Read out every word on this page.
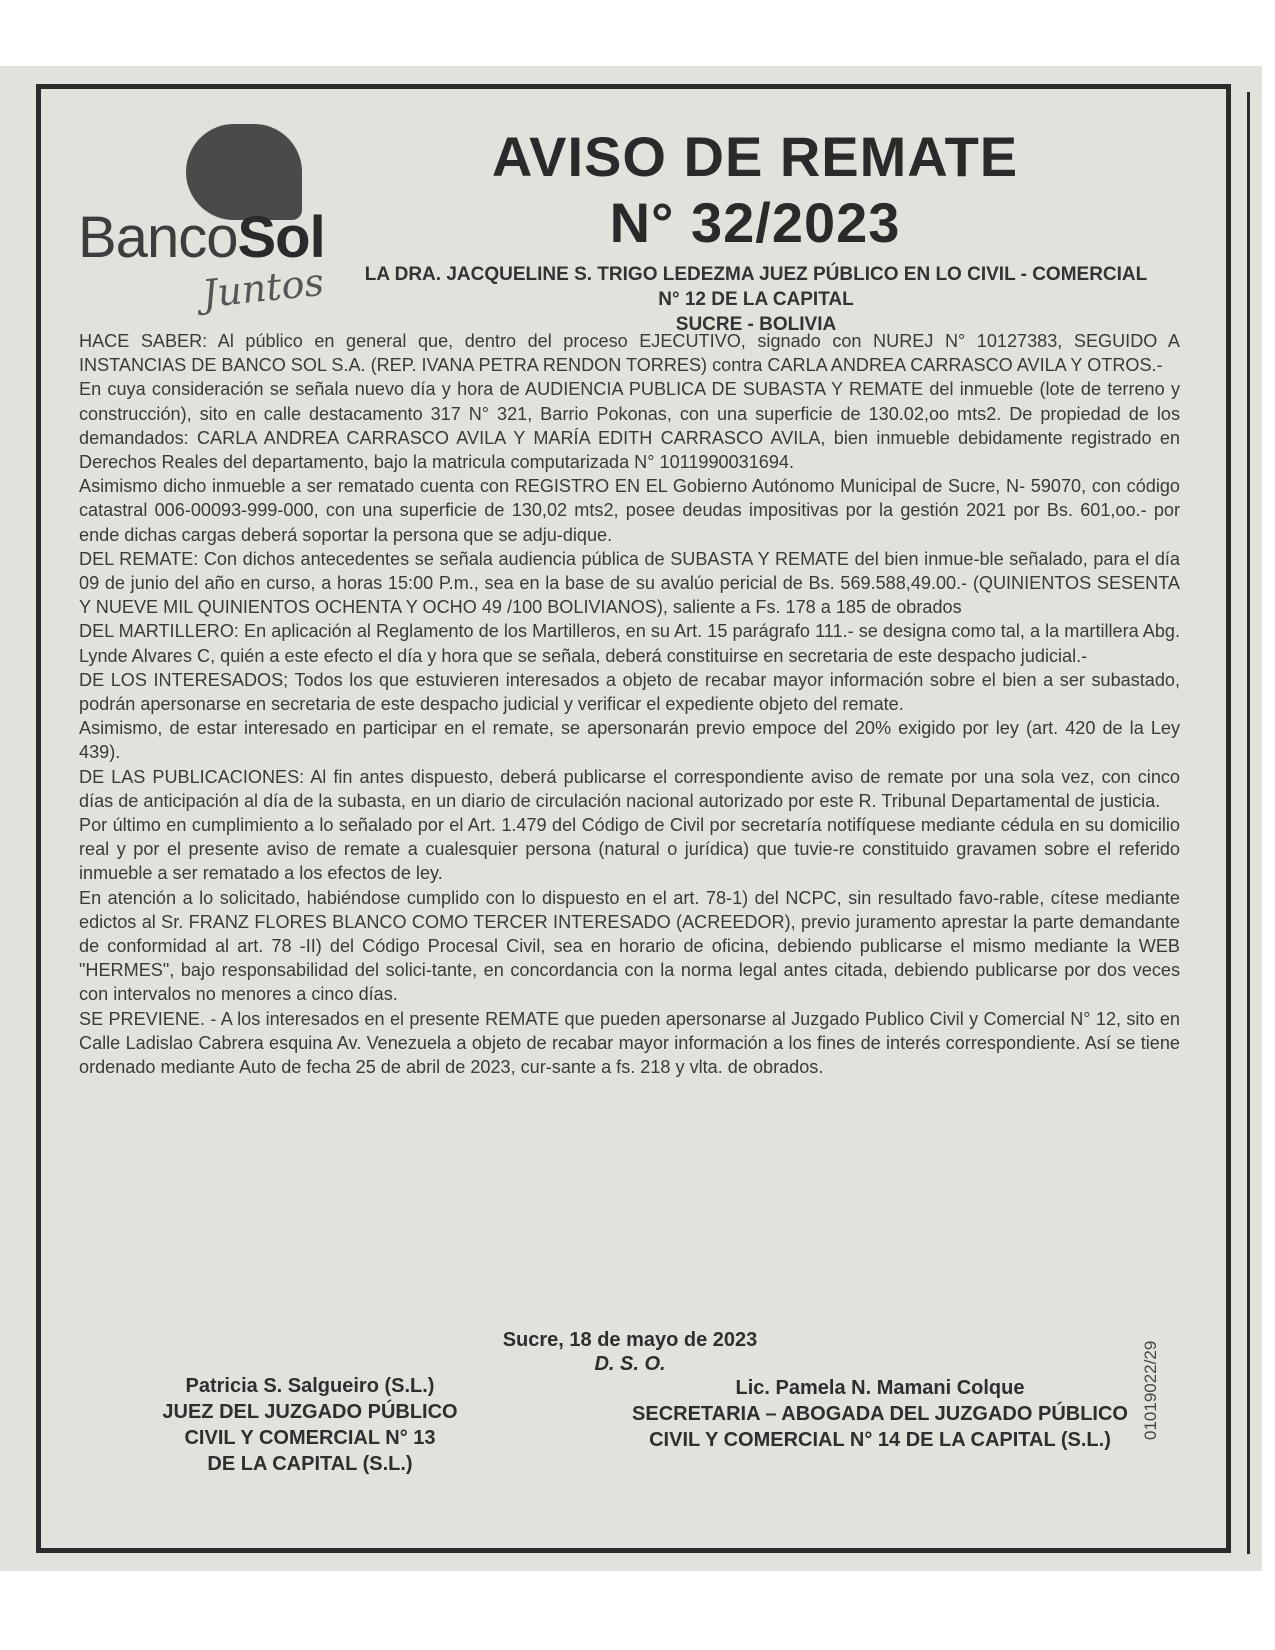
BancoSol
Juntos
AVISO DE REMATE
N° 32/2023
LA DRA. JACQUELINE S. TRIGO LEDEZMA JUEZ PÚBLICO EN LO CIVIL - COMERCIAL
N° 12 DE LA CAPITAL
SUCRE - BOLIVIA

HACE SABER: Al público en general que, dentro del proceso EJECUTIVO, signado con NUREJ N° 10127383, SEGUIDO A INSTANCIAS DE BANCO SOL S.A. (REP. IVANA PETRA RENDON TORRES) contra CARLA ANDREA CARRASCO AVILA Y OTROS.-

En cuya consideración se señala nuevo día y hora de AUDIENCIA PUBLICA DE SUBASTA Y REMATE del inmueble (lote de terreno y construcción), sito en calle destacamento 317 N° 321, Barrio Pokonas, con una superficie de 130.02,oo mts2. De propiedad de los demandados: CARLA ANDREA CARRASCO AVILA Y MARÍA EDITH CARRASCO AVILA, bien inmueble debidamente registrado en Derechos Reales del departamento, bajo la matricula computarizada N° 1011990031694.

Asimismo dicho inmueble a ser rematado cuenta con REGISTRO EN EL Gobierno Autónomo Municipal de Sucre, N- 59070, con código catastral 006-00093-999-000, con una superficie de 130,02 mts2, posee deudas impositivas por la gestión 2021 por Bs. 601,oo.- por ende dichas cargas deberá soportar la persona que se adju-dique.

DEL REMATE: Con dichos antecedentes se señala audiencia pública de SUBASTA Y REMATE del bien inmue-ble señalado, para el día 09 de junio del año en curso, a horas 15:00 P.m., sea en la base de su avalúo pericial de Bs. 569.588,49.00.- (QUINIENTOS SESENTA Y NUEVE MIL QUINIENTOS OCHENTA Y OCHO 49 /100 BOLIVIANOS), saliente a Fs. 178 a 185 de obrados

DEL MARTILLERO: En aplicación al Reglamento de los Martilleros, en su Art. 15 parágrafo 111.- se designa como tal, a la martillera Abg. Lynde Alvares C, quién a este efecto el día y hora que se señala, deberá constituirse en secretaria de este despacho judicial.-

DE LOS INTERESADOS; Todos los que estuvieren interesados a objeto de recabar mayor información sobre el bien a ser subastado, podrán apersonarse en secretaria de este despacho judicial y verificar el expediente objeto del remate.

Asimismo, de estar interesado en participar en el remate, se apersonarán previo empoce del 20% exigido por ley (art. 420 de la Ley 439).

DE LAS PUBLICACIONES: Al fin antes dispuesto, deberá publicarse el correspondiente aviso de remate por una sola vez, con cinco días de anticipación al día de la subasta, en un diario de circulación nacional autorizado por este R. Tribunal Departamental de justicia.

Por último en cumplimiento a lo señalado por el Art. 1.479 del Código de Civil por secretaría notifíquese mediante cédula en su domicilio real y por el presente aviso de remate a cualesquier persona (natural o jurídica) que tuvie-re constituido gravamen sobre el referido inmueble a ser rematado a los efectos de ley.

En atención a lo solicitado, habiéndose cumplido con lo dispuesto en el art. 78-1) del NCPC, sin resultado favo-rable, cítese mediante edictos al Sr. FRANZ FLORES BLANCO COMO TERCER INTERESADO (ACREEDOR), previo juramento aprestar la parte demandante de conformidad al art. 78 -II) del Código Procesal Civil, sea en horario de oficina, debiendo publicarse el mismo mediante la WEB "HERMES", bajo responsabilidad del solici-tante, en concordancia con la norma legal antes citada, debiendo publicarse por dos veces con intervalos no menores a cinco días.

SE PREVIENE. - A los interesados en el presente REMATE que pueden apersonarse al Juzgado Publico Civil y Comercial N° 12, sito en Calle Ladislao Cabrera esquina Av. Venezuela a objeto de recabar mayor información a los fines de interés correspondiente. Así se tiene ordenado mediante Auto de fecha 25 de abril de 2023, cur-sante a fs. 218 y vlta. de obrados.

Sucre, 18 de mayo de 2023
D. S. O.
Patricia S. Salgueiro (S.L.)
JUEZ DEL JUZGADO PÚBLICO
CIVIL Y COMERCIAL N° 13
DE LA CAPITAL (S.L.)
Lic. Pamela N. Mamani Colque
SECRETARIA – ABOGADA DEL JUZGADO PÚBLICO
CIVIL Y COMERCIAL N° 14 DE LA CAPITAL (S.L.)	01019022/29
